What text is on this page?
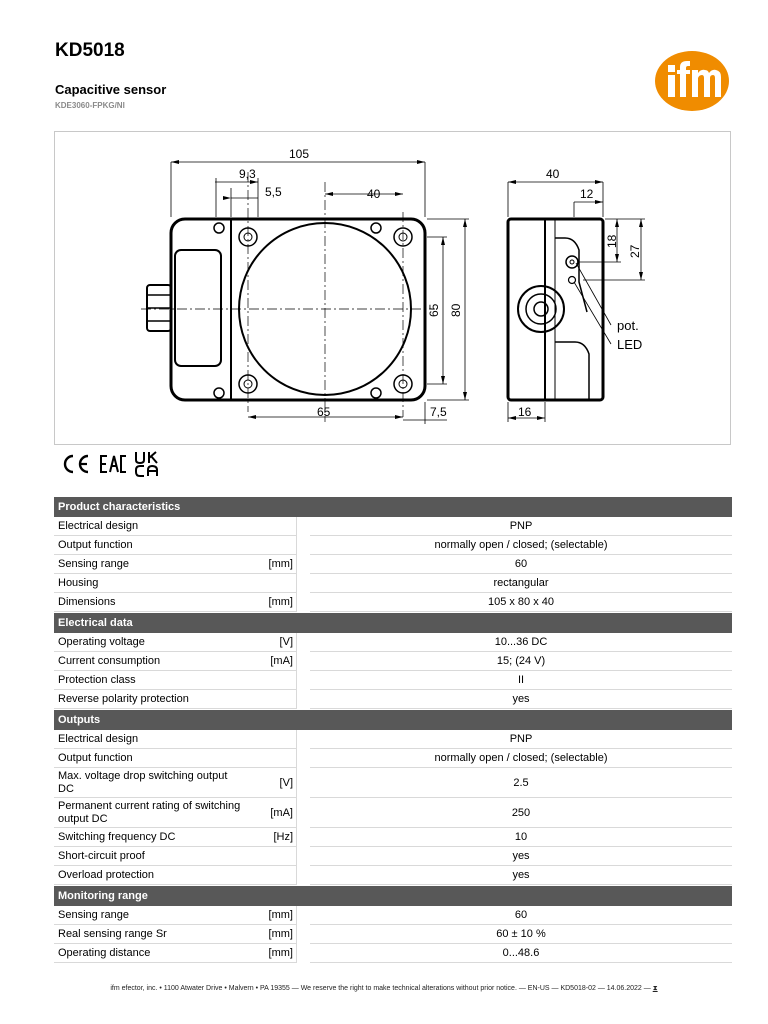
KD5018
Capacitive sensor
KDE3060-FPKG/NI
105
9,3
5,5	40
65 80
65	7,5
40
12
18
27
16
pot.
LED
Product characteristics
Electrical design	PNP
Output function	normally open / closed; (selectable)
Sensing range	[mm]	60
Housing	rectangular
Dimensions	[mm]	105 x 80 x 40
Electrical data
Operating voltage	[V]	10...36 DC
Current consumption	[mA]	15; (24 V)
Protection class	II
Reverse polarity protection	yes
Outputs
Electrical design	PNP
Output function	normally open / closed; (selectable)
Max. voltage drop switching output DC	[V]	2.5
Permanent current rating of switching output DC	[mA]	250
Switching frequency DC	[Hz]	10
Short-circuit proof	yes
Overload protection	yes
Monitoring range
Sensing range	[mm]	60
Real sensing range Sr	[mm]	60 ± 10 %
Operating distance	[mm]	0...48.6
ifm efector, inc. • 1100 Atwater Drive • Malvern • PA 19355 — We reserve the right to make technical alterations without prior notice. — EN-US — KD5018-02 — 14.06.2022 — ⧗
